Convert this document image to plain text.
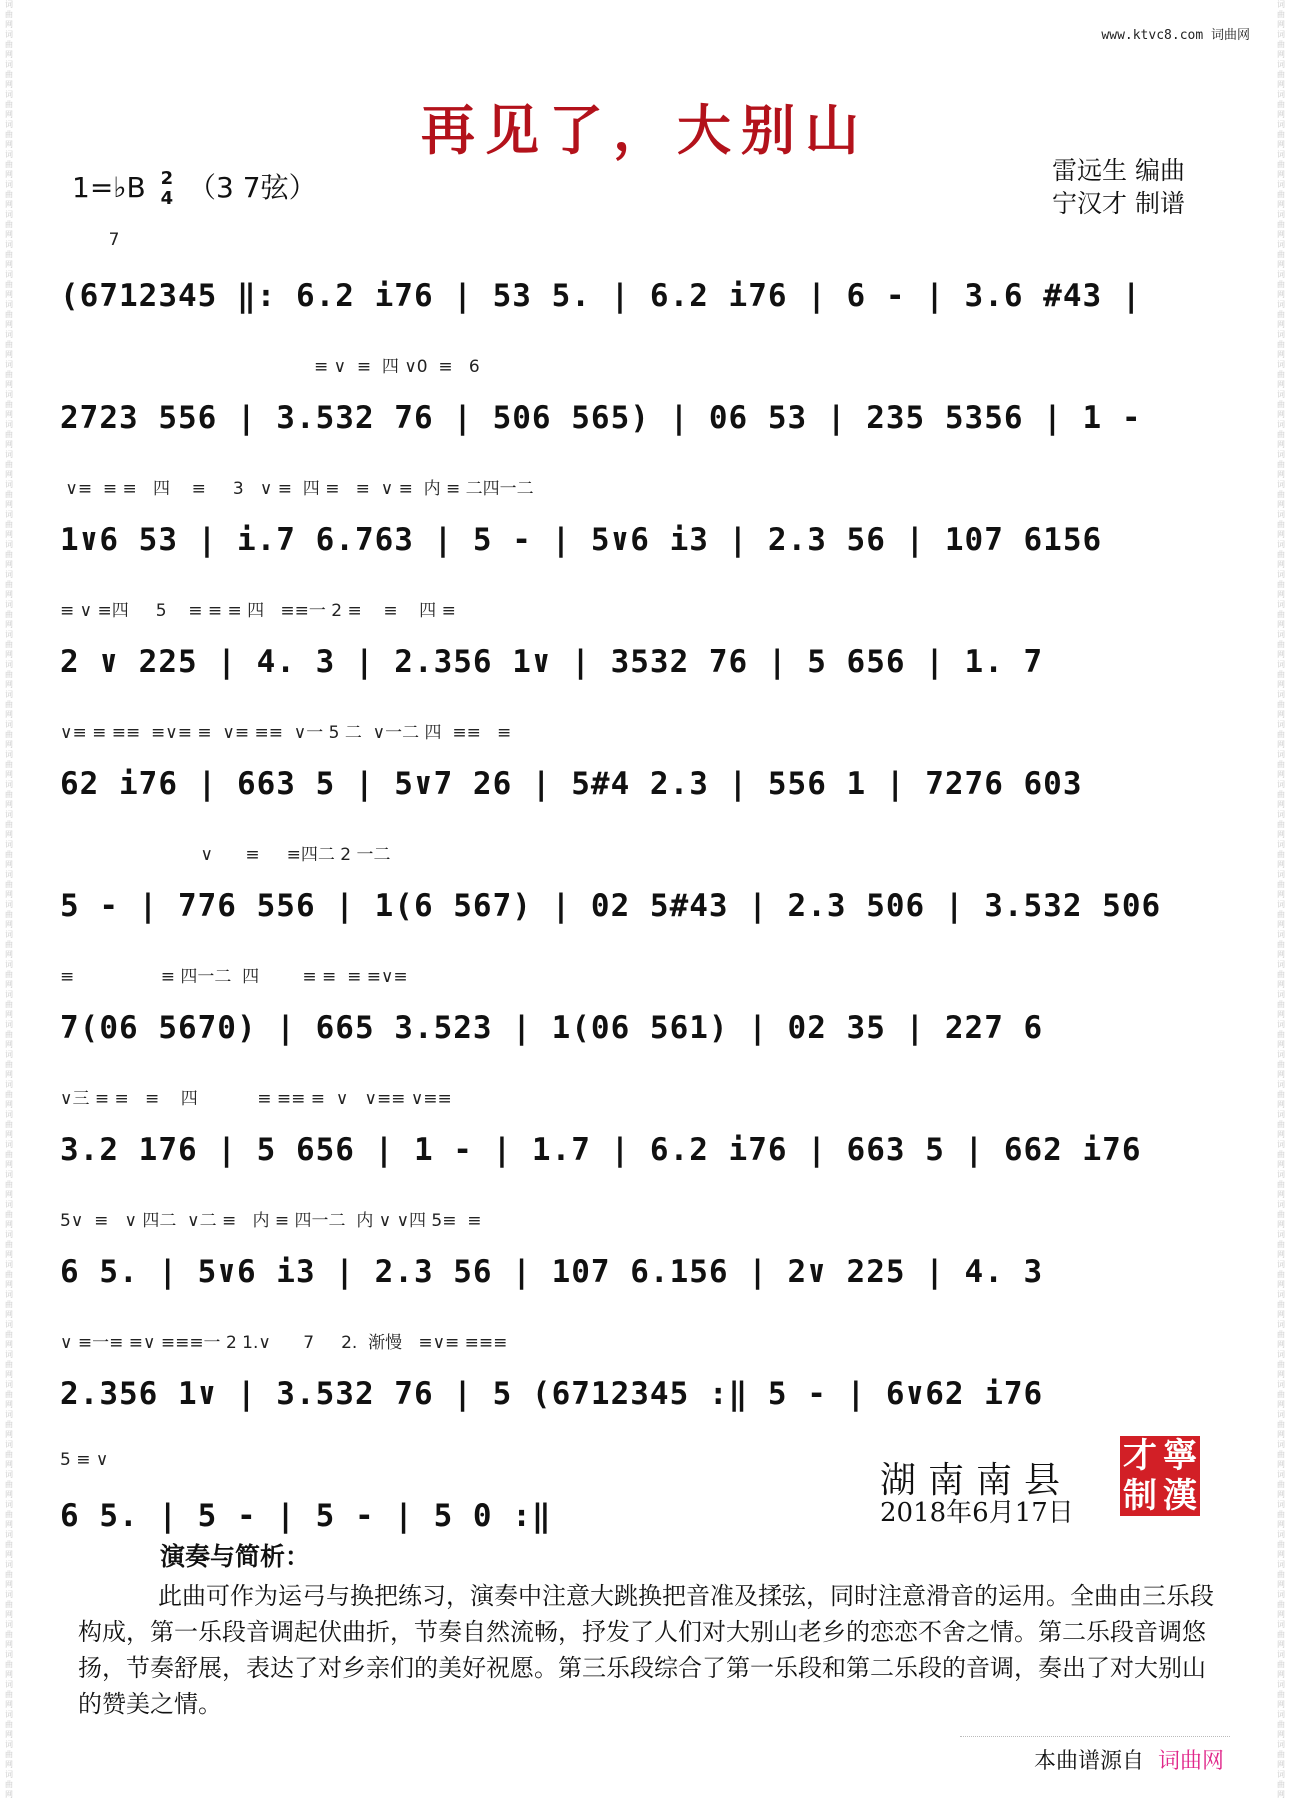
词曲网词曲网词曲网词曲网词曲网词曲网词曲网词曲网词曲网词曲网词曲网词曲网词曲网词曲网词曲网词曲网词曲网词曲网词曲网词曲网词曲网词曲网词曲网词曲网词曲网词曲网词曲网词曲网词曲网词曲网词曲网词曲网词曲网词曲网词曲网词曲网词曲网词曲网词曲网词曲网词曲网词曲网词曲网词曲网词曲网词曲网词曲网词曲网词曲网词曲网词曲网词曲网词曲网词曲网词曲网词曲网词曲网词曲网词曲网词曲网
词曲网词曲网词曲网词曲网词曲网词曲网词曲网词曲网词曲网词曲网词曲网词曲网词曲网词曲网词曲网词曲网词曲网词曲网词曲网词曲网词曲网词曲网词曲网词曲网词曲网词曲网词曲网词曲网词曲网词曲网词曲网词曲网词曲网词曲网词曲网词曲网词曲网词曲网词曲网词曲网词曲网词曲网词曲网词曲网词曲网词曲网词曲网词曲网词曲网词曲网词曲网词曲网词曲网词曲网词曲网词曲网词曲网词曲网词曲网词曲网
www.ktvc8.com 词曲网
再见了，大别山
1=♭B 2
4 （3 7弦）
雷远生 编曲
宁汉才 制谱
7
(6712345 ‖: 6.2 i76 | 53 5. | 6.2 i76 | 6 - | 3.6 #43 |
≡ ∨  ≡  四 ∨0  ≡   6
2723 556 | 3.532 76 | 506 565) | 06 53 | 235 5356 | 1 -
∨≡  ≡ ≡   四    ≡     3   ∨ ≡  四 ≡   ≡  ∨ ≡  内 ≡ 二四一二
1∨6 53 | i.7 6.763 | 5 - | 5∨6 i3 | 2.3 56 | 107 6156
≡ ∨ ≡四     5    ≡ ≡ ≡ 四   ≡≡一 2 ≡    ≡    四 ≡
2 ∨ 225 | 4. 3 | 2.356 1∨ | 3532 76 | 5 656 | 1. 7
∨≡ ≡ ≡≡  ≡∨≡ ≡  ∨≡ ≡≡  ∨一 5 二  ∨一二 四  ≡≡   ≡
62 i76 | 663 5 | 5∨7 26 | 5#4 2.3 | 556 1 | 7276 603
∨      ≡     ≡四二 2 一二
5 - | 776 556 | 1(6 567) | 02 5#43 | 2.3 506 | 3.532 506
≡                ≡ 四一二  四        ≡ ≡  ≡ ≡∨≡
7(06 5670) | 665 3.523 | 1(06 561) | 02 35 | 227 6
∨三 ≡ ≡   ≡    四           ≡ ≡≡ ≡  ∨   ∨≡≡ ∨≡≡
3.2 176 | 5 656 | 1 - | 1.7 | 6.2 i76 | 663 5 | 662 i76
5∨  ≡   ∨ 四二  ∨二 ≡   内 ≡ 四一二  内 ∨ ∨四 5≡  ≡
6 5. | 5∨6 i3 | 2.3 56 | 107 6.156 | 2∨ 225 | 4. 3
∨ ≡一≡ ≡∨ ≡≡≡一 2 1.∨      7     2.  渐慢   ≡∨≡ ≡≡≡
2.356 1∨ | 3.532 76 | 5 (6712345 :‖ 5 - | 6∨62 i76
5 ≡ ∨
6 5. | 5 - | 5 - | 5 0 :‖
湖南南县
2018年6月17日
才 寧
制 漢
演奏与简析：
此曲可作为运弓与换把练习，演奏中注意大跳换把音准及揉弦，同时注意滑音的运用。全曲由三乐段构成，第一乐段音调起伏曲折，节奏自然流畅，抒发了人们对大别山老乡的恋恋不舍之情。第二乐段音调悠扬，节奏舒展，表达了对乡亲们的美好祝愿。第三乐段综合了第一乐段和第二乐段的音调，奏出了对大别山的赞美之情。
本曲谱源自 词曲网
